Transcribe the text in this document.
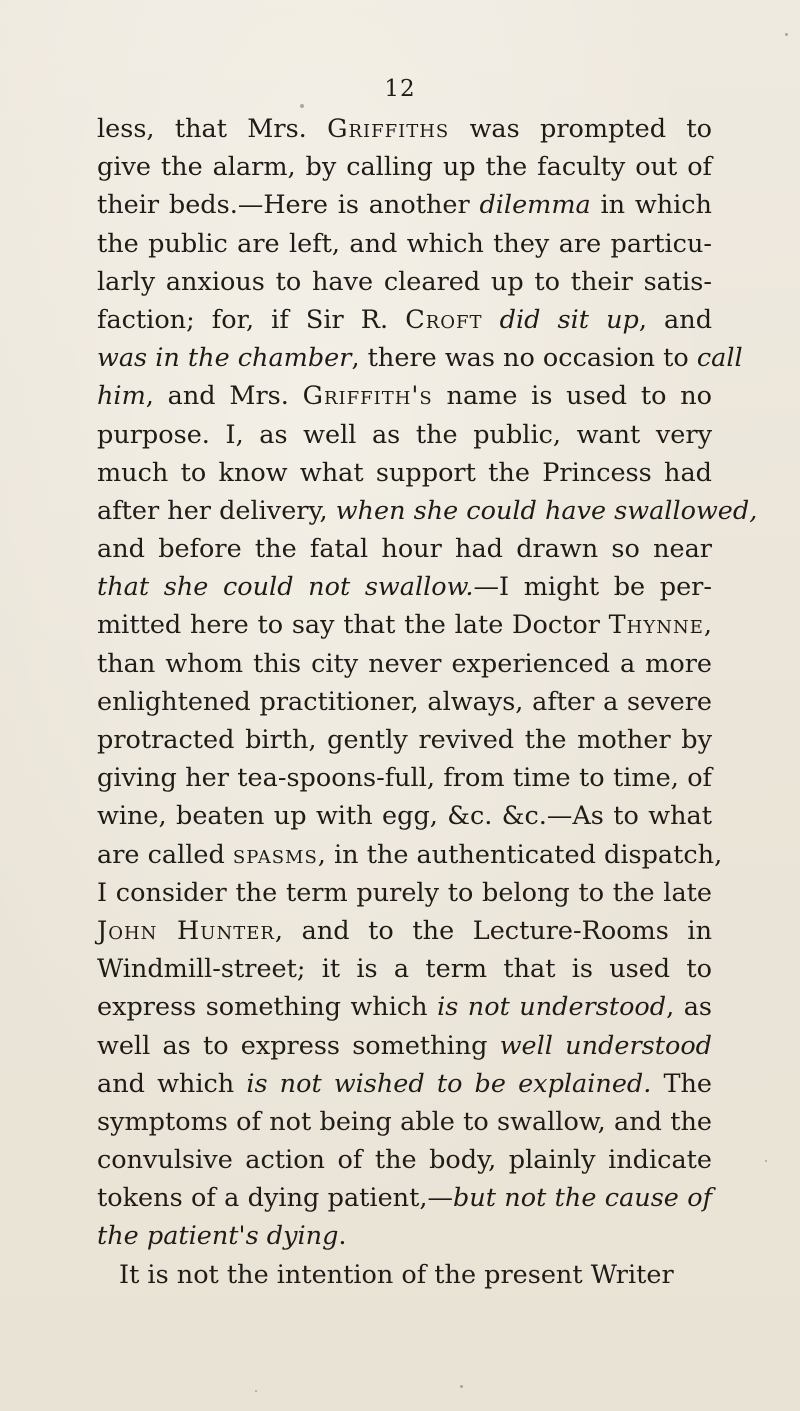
12
less, that Mrs. Griffiths was prompted to
give the alarm, by calling up the faculty out of
their beds.—Here is another dilemma in which
the public are left, and which they are particu-
larly anxious to have cleared up to their satis-
faction; for, if Sir R. Croft did sit up, and
was in the chamber, there was no occasion to call
him, and Mrs. Griffith's name is used to no
purpose. I, as well as the public, want very
much to know what support the Princess had
after her delivery, when she could have swallowed,
and before the fatal hour had drawn so near
that she could not swallow.—I might be per-
mitted here to say that the late Doctor Thynne,
than whom this city never experienced a more
enlightened practitioner, always, after a severe
protracted birth, gently revived the mother by
giving her tea-spoons-full, from time to time, of
wine, beaten up with egg, &c. &c.—As to what
are called spasms, in the authenticated dispatch,
I consider the term purely to belong to the late
John Hunter, and to the Lecture-Rooms in
Windmill-street; it is a term that is used to
express something which is not understood, as
well as to express something well understood
and which is not wished to be explained. The
symptoms of not being able to swallow, and the
convulsive action of the body, plainly indicate
tokens of a dying patient,—but not the cause of
the patient's dying.
It is not the intention of the present Writer
